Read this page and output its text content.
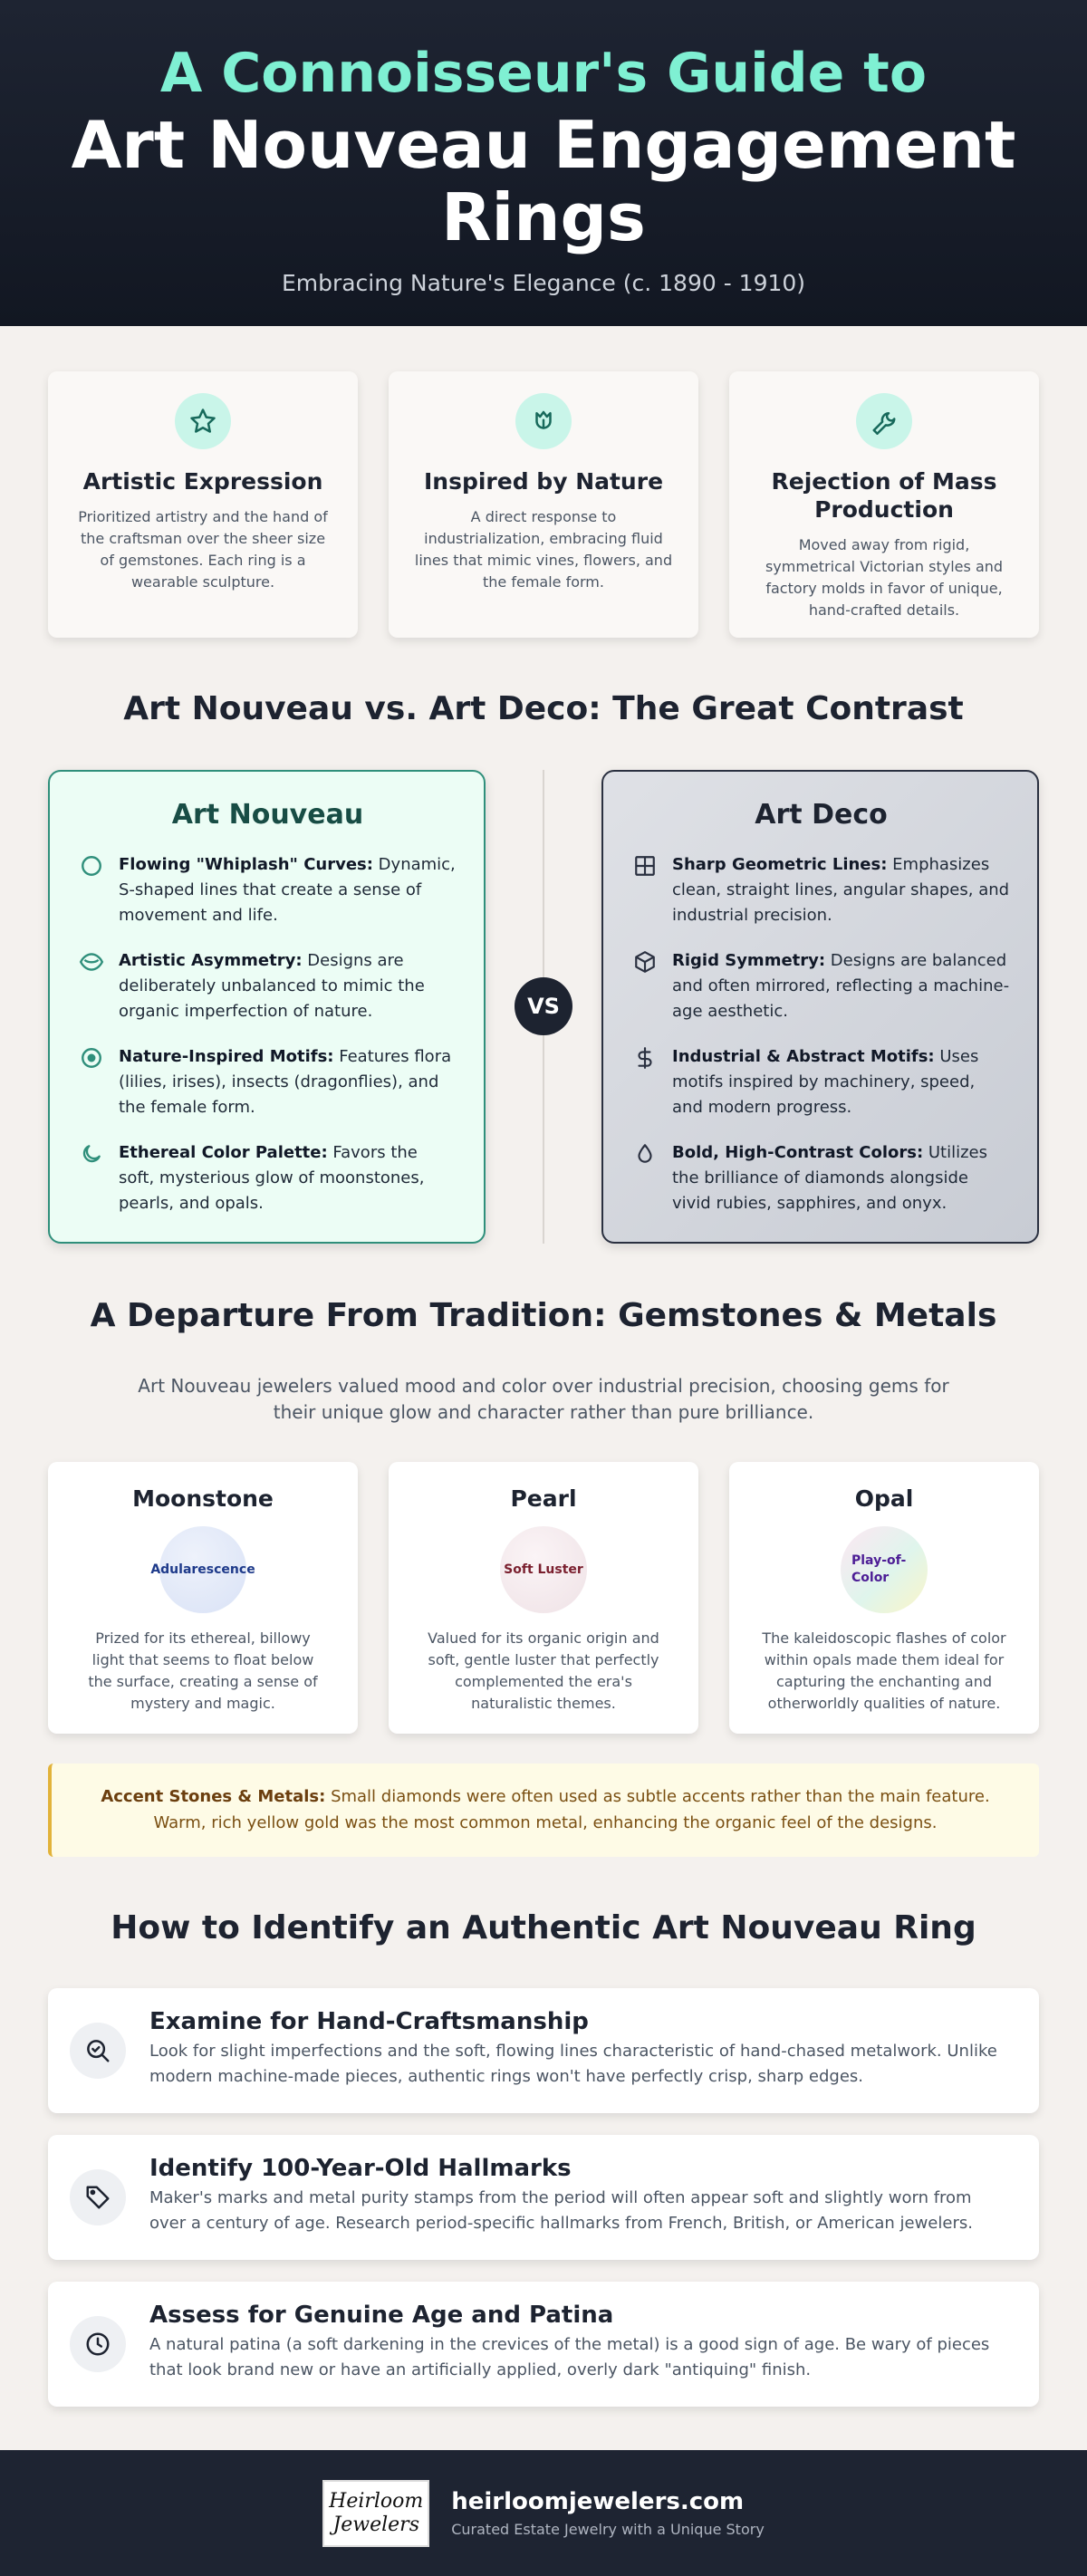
A Connoisseur's Guide to
Art Nouveau Engagement Rings
Embracing Nature's Elegance (c. 1890 - 1910)
Artistic Expression
Prioritized artistry and the hand of the craftsman over the sheer size of gemstones. Each ring is a wearable sculpture.
Inspired by Nature
A direct response to industrialization, embracing fluid lines that mimic vines, flowers, and the female form.
Rejection of Mass Production
Moved away from rigid, symmetrical Victorian styles and factory molds in favor of unique, hand-crafted details.
Art Nouveau vs. Art Deco: The Great Contrast
Art Nouveau
Flowing "Whiplash" Curves: Dynamic, S-shaped lines that create a sense of movement and life.
Artistic Asymmetry: Designs are deliberately unbalanced to mimic the organic imperfection of nature.
Nature-Inspired Motifs: Features flora (lilies, irises), insects (dragonflies), and the female form.
Ethereal Color Palette: Favors the soft, mysterious glow of moonstones, pearls, and opals.
VS
Art Deco
Sharp Geometric Lines: Emphasizes clean, straight lines, angular shapes, and industrial precision.
Rigid Symmetry: Designs are balanced and often mirrored, reflecting a machine-age aesthetic.
Industrial & Abstract Motifs: Uses motifs inspired by machinery, speed, and modern progress.
Bold, High-Contrast Colors: Utilizes the brilliance of diamonds alongside vivid rubies, sapphires, and onyx.
A Departure From Tradition: Gemstones & Metals

Art Nouveau jewelers valued mood and color over industrial precision, choosing gems for their unique glow and character rather than pure brilliance.

Moonstone
Adularescence
Prized for its ethereal, billowy light that seems to float below the surface, creating a sense of mystery and magic.
Pearl
Soft Luster
Valued for its organic origin and soft, gentle luster that perfectly complemented the era's naturalistic themes.
Opal
Play-of-Color
The kaleidoscopic flashes of color within opals made them ideal for capturing the enchanting and otherworldly qualities of nature.
Accent Stones & Metals: Small diamonds were often used as subtle accents rather than the main feature. Warm, rich yellow gold was the most common metal, enhancing the organic feel of the designs.
How to Identify an Authentic Art Nouveau Ring
Examine for Hand-Craftsmanship
Look for slight imperfections and the soft, flowing lines characteristic of hand-chased metalwork. Unlike modern machine-made pieces, authentic rings won't have perfectly crisp, sharp edges.
Identify 100-Year-Old Hallmarks
Maker's marks and metal purity stamps from the period will often appear soft and slightly worn from over a century of age. Research period-specific hallmarks from French, British, or American jewelers.
Assess for Genuine Age and Patina
A natural patina (a soft darkening in the crevices of the metal) is a good sign of age. Be wary of pieces that look brand new or have an artificially applied, overly dark "antiquing" finish.
Heirloom
Jewelers
heirloomjewelers.com
Curated Estate Jewelry with a Unique Story
